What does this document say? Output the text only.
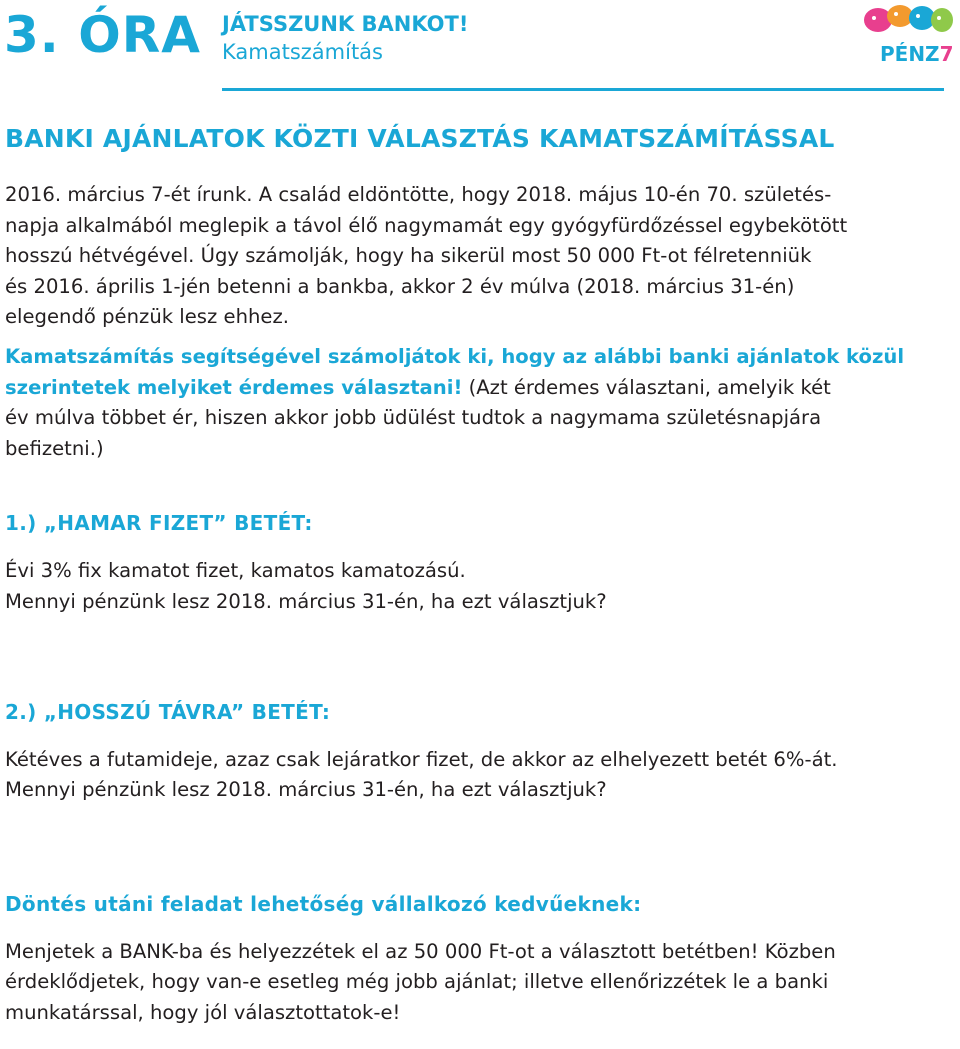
3. ÓRA JÁTSSZUNK BANKOT!
Kamatszámítás	PÉNZ7
BANKI AJÁNLATOK KÖZTI VÁLASZTÁS KAMATSZÁMÍTÁSSAL

2016. március 7-ét írunk. A család eldöntötte, hogy 2018. május 10-én 70. születés-

napja alkalmából meglepik a távol élő nagymamát egy gyógyfürdőzéssel egybekötött

hosszú hétvégével. Úgy számolják, hogy ha sikerül most 50 000 Ft-ot félretenniük

és 2016. április 1-jén betenni a bankba, akkor 2 év múlva (2018. március 31-én)

elegendő pénzük lesz ehhez.

Kamatszámítás segítségével számoljátok ki, hogy az alábbi banki ajánlatok közül

szerintetek melyiket érdemes választani! (Azt érdemes választani, amelyik két

év múlva többet ér, hiszen akkor jobb üdülést tudtok a nagymama születésnapjára

befizetni.)

1.) „HAMAR FIZET” BETÉT:

Évi 3% fix kamatot fizet, kamatos kamatozású.

Mennyi pénzünk lesz 2018. március 31-én, ha ezt választjuk?

2.) „HOSSZÚ TÁVRA” BETÉT:

Kétéves a futamideje, azaz csak lejáratkor fizet, de akkor az elhelyezett betét 6%-át.

Mennyi pénzünk lesz 2018. március 31-én, ha ezt választjuk?

Döntés utáni feladat lehetőség vállalkozó kedvűeknek:

Menjetek a BANK-ba és helyezzétek el az 50 000 Ft-ot a választott betétben! Közben

érdeklődjetek, hogy van-e esetleg még jobb ajánlat; illetve ellenőrizzétek le a banki

munkatárssal, hogy jól választottatok-e!
